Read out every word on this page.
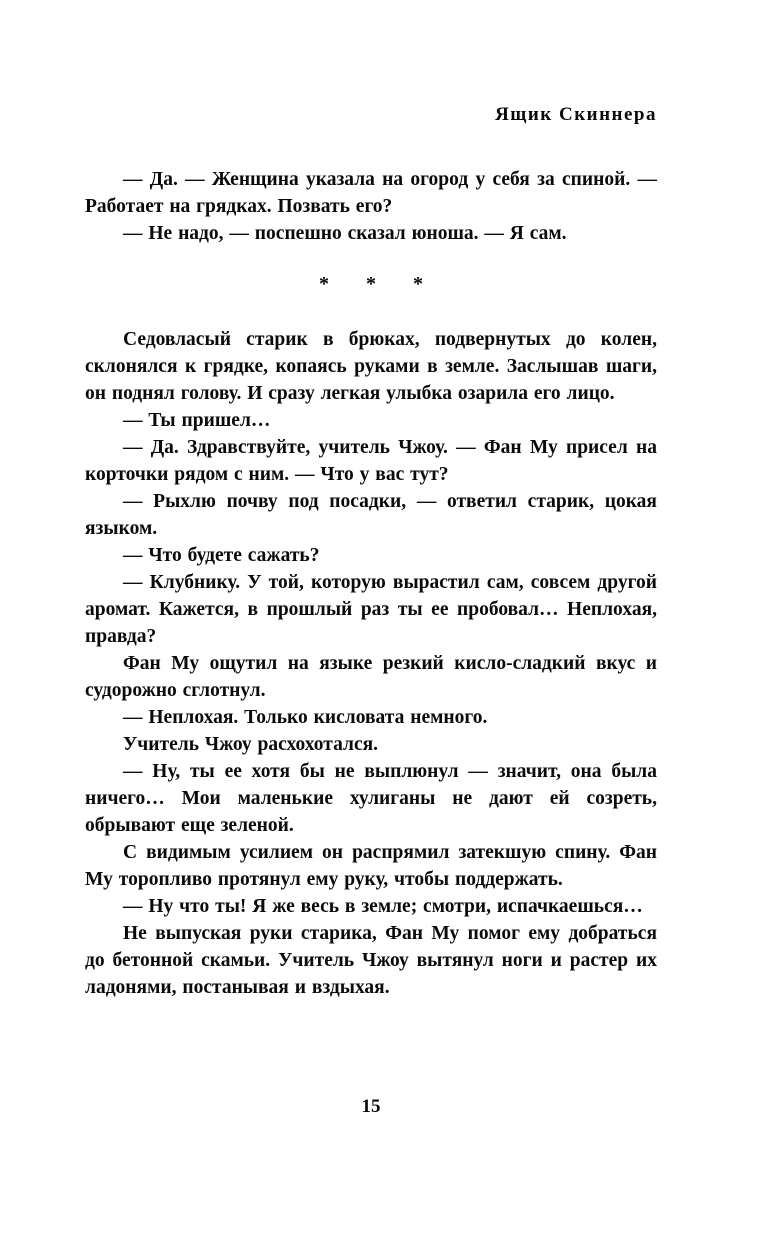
Ящик Скиннера

— Да. — Женщина указала на огород у себя за спиной. — Работает на грядках. Позвать его?

— Не надо, — поспешно сказал юноша. — Я сам.

* * *

Седовласый старик в брюках, подвернутых до колен, склонялся к грядке, копаясь руками в земле. Заслышав шаги, он поднял голову. И сразу легкая улыбка озарила его лицо.

— Ты пришел…

— Да. Здравствуйте, учитель Чжоу. — Фан Му присел на корточки рядом с ним. — Что у вас тут?

— Рыхлю почву под посадки, — ответил старик, цокая языком.

— Что будете сажать?

— Клубнику. У той, которую вырастил сам, совсем другой аромат. Кажется, в прошлый раз ты ее пробовал… Неплохая, правда?

Фан Му ощутил на языке резкий кисло-сладкий вкус и судорожно сглотнул.

— Неплохая. Только кисловата немного.

Учитель Чжоу расхохотался.

— Ну, ты ее хотя бы не выплюнул — значит, она была ничего… Мои маленькие хулиганы не дают ей созреть, обрывают еще зеленой.

С видимым усилием он распрямил затекшую спину. Фан Му торопливо протянул ему руку, чтобы поддержать.

— Ну что ты! Я же весь в земле; смотри, испачкаешься…

Не выпуская руки старика, Фан Му помог ему добраться до бетонной скамьи. Учитель Чжоу вытянул ноги и растер их ладонями, постанывая и вздыхая.

15
